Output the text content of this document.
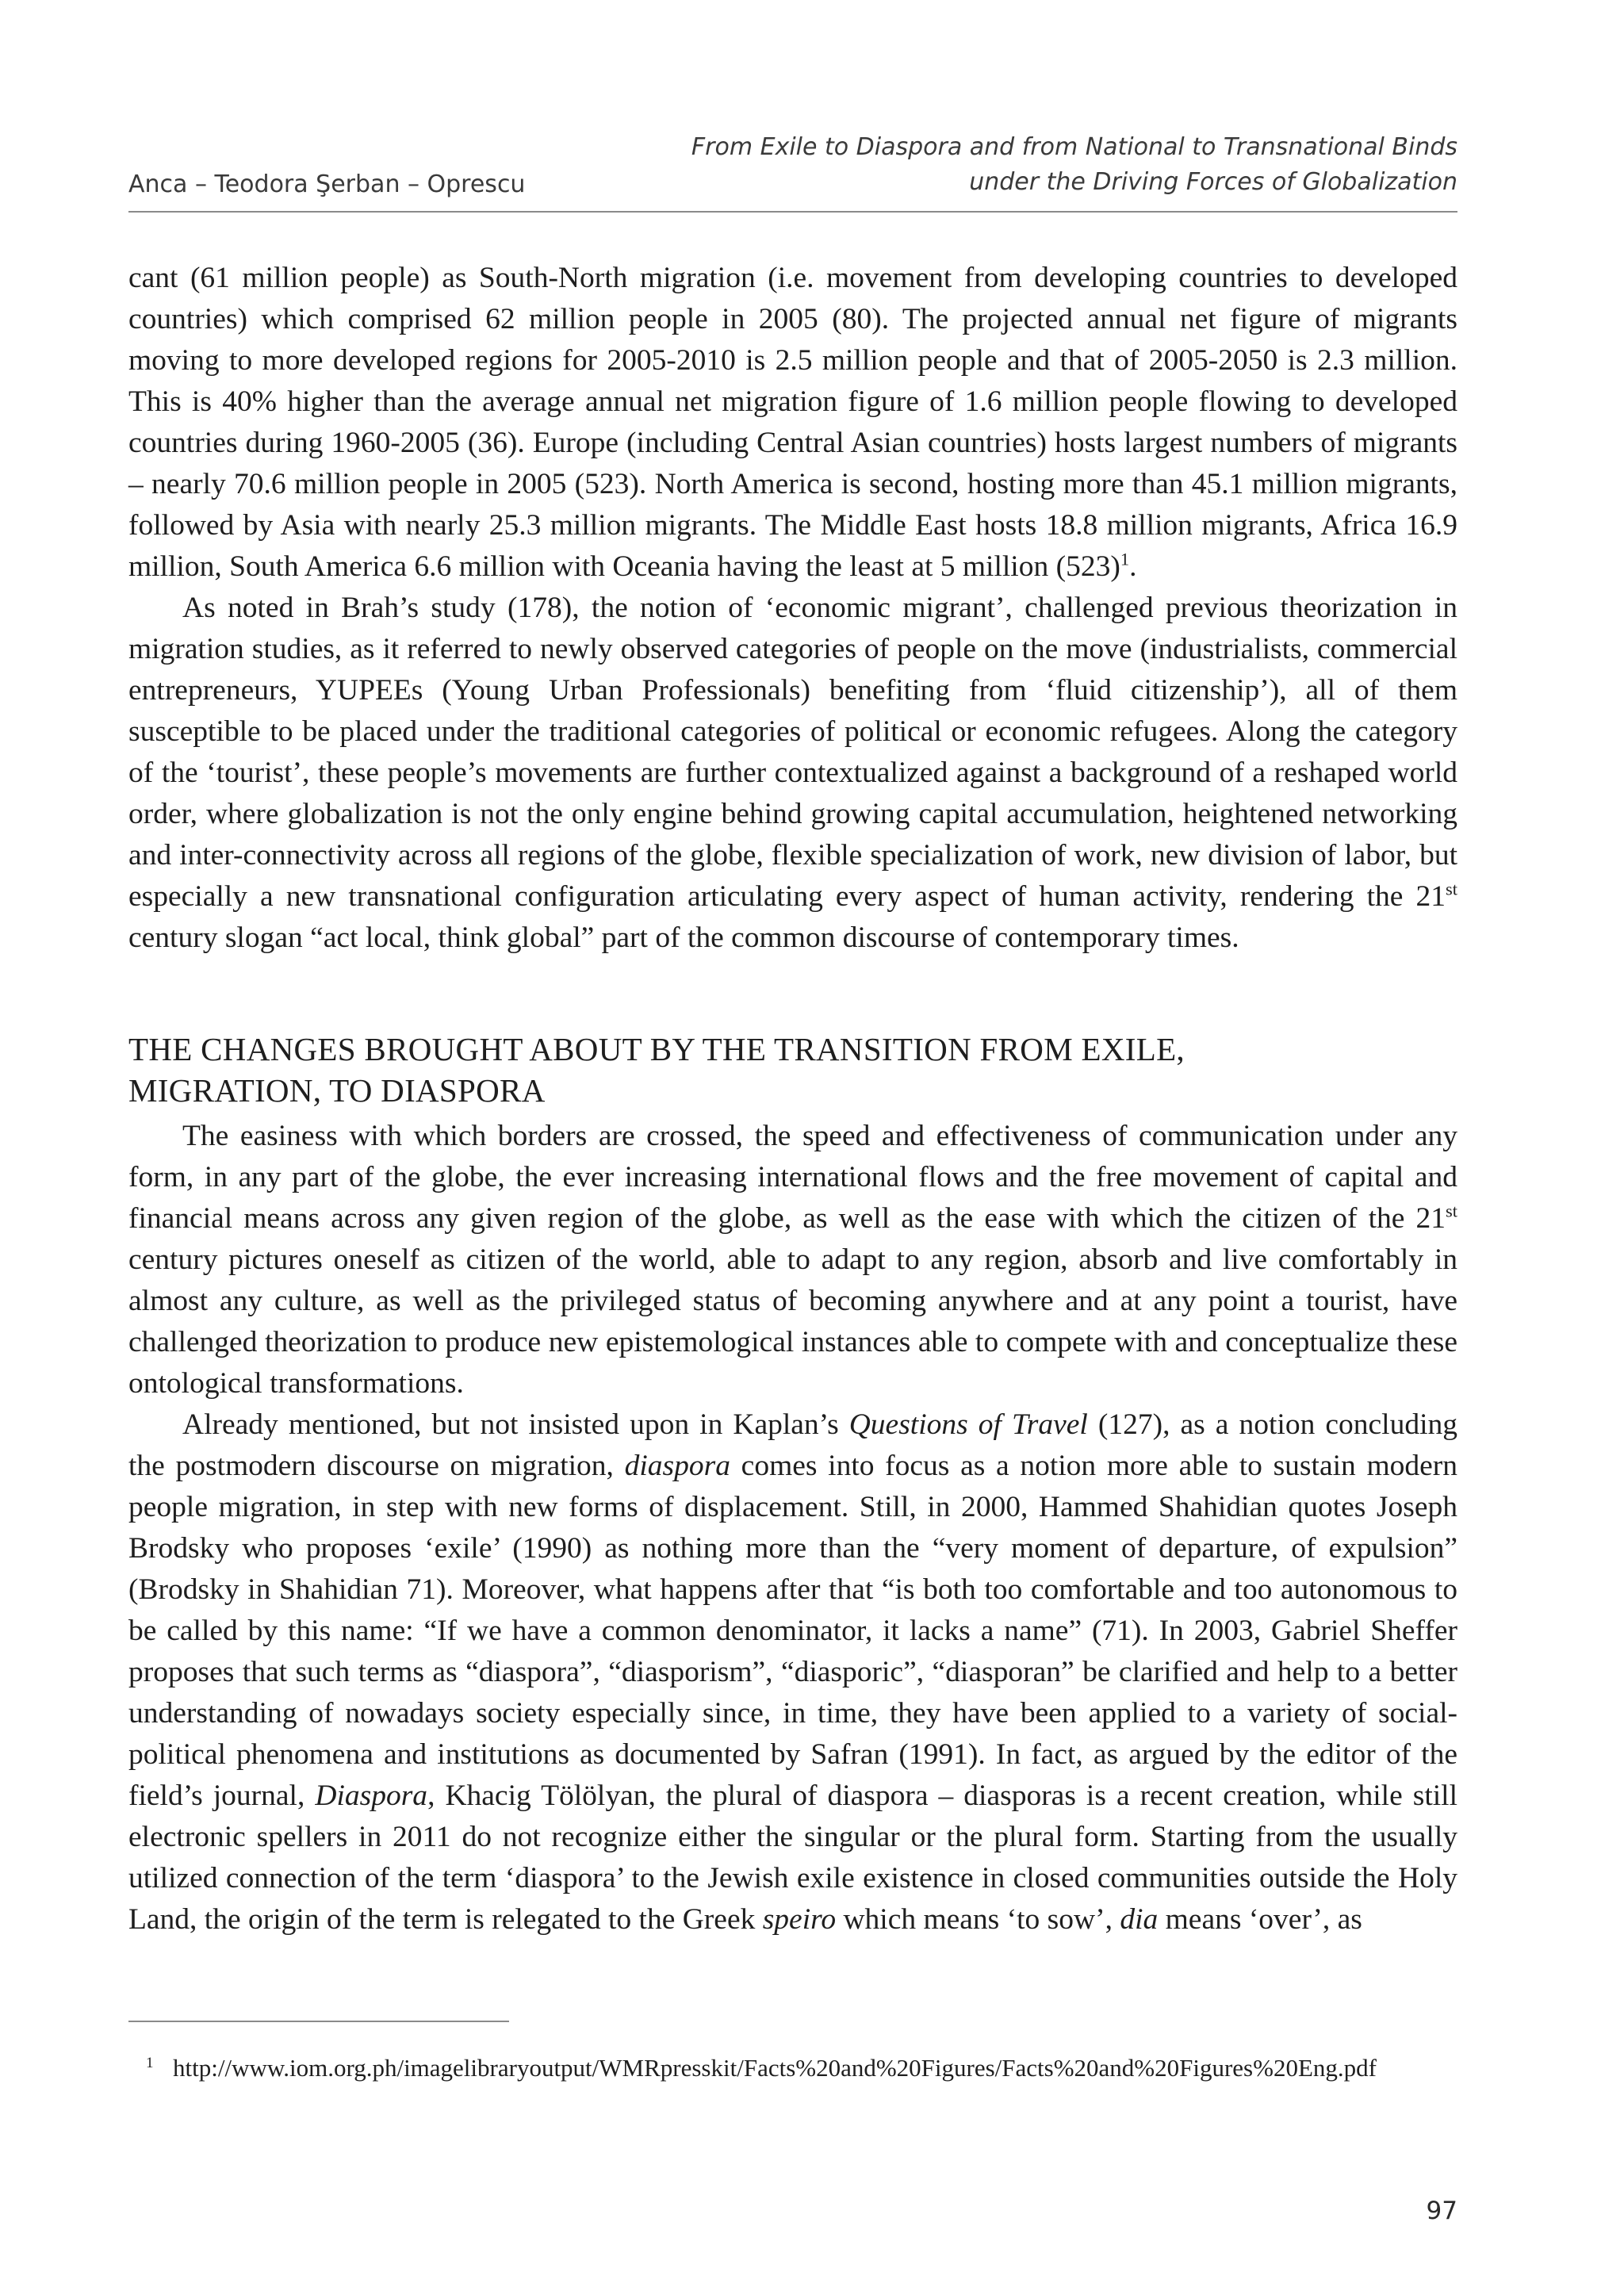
Anca – Teodora Şerban – Oprescu
From Exile to Diaspora and from National to Transnational Binds
under the Driving Forces of Globalization

cant (61 million people) as South-North migration (i.e. movement from developing countries to developed countries) which comprised 62 million people in 2005 (80). The projected annual net figure of migrants moving to more developed regions for 2005-2010 is 2.5 million people and that of 2005-2050 is 2.3 million. This is 40% higher than the average annual net migration figure of 1.6 million people flowing to developed countries during 1960-2005 (36). Europe (including Central Asian countries) hosts largest numbers of migrants – nearly 70.6 million people in 2005 (523). North America is second, hosting more than 45.1 million migrants, followed by Asia with nearly 25.3 million migrants. The Middle East hosts 18.8 million migrants, Africa 16.9 million, South America 6.6 million with Oceania having the least at 5 million $(523)^1$.

As noted in Brah’s study (178), the notion of ‘economic migrant’, challenged previous theorization in migration studies, as it referred to newly observed categories of people on the move (industrialists, commercial entrepreneurs, YUPEEs (Young Urban Professionals) benefiting from ‘fluid citizenship’), all of them susceptible to be placed under the traditional categories of political or economic refugees. Along the category of the ‘tourist’, these people’s movements are further contextualized against a background of a reshaped world order, where globalization is not the only engine behind growing capital accumulation, heightened networking and inter-connectivity across all regions of the globe, flexible specialization of work, new division of labor, but especially a new transnational configuration articulating every aspect of human activity, rendering the 21st century slogan “act local, think global” part of the common discourse of contemporary times.

THE CHANGES BROUGHT ABOUT BY THE TRANSITION FROM EXILE,
MIGRATION, TO DIASPORA

The easiness with which borders are crossed, the speed and effectiveness of communication under any form, in any part of the globe, the ever increasing international flows and the free movement of capital and financial means across any given region of the globe, as well as the ease with which the citizen of the 21st century pictures oneself as citizen of the world, able to adapt to any region, absorb and live comfortably in almost any culture, as well as the privileged status of becoming anywhere and at any point a tourist, have challenged theorization to produce new epistemological instances able to compete with and conceptualize these ontological transformations.

Already mentioned, but not insisted upon in Kaplan’s Questions of Travel (127), as a notion concluding the postmodern discourse on migration, diaspora comes into focus as a notion more able to sustain modern people migration, in step with new forms of displacement. Still, in 2000, Hammed Shahidian quotes Joseph Brodsky who proposes ‘exile’ (1990) as nothing more than the “very moment of departure, of expulsion” (Brodsky in Shahidian 71). Moreover, what happens after that “is both too comfortable and too autonomous to be called by this name: “If we have a common denominator, it lacks a name” (71). In 2003, Gabriel Sheffer proposes that such terms as “diaspora”, “diasporism”, “diasporic”, “diasporan” be clarified and help to a better understanding of nowadays society especially since, in time, they have been applied to a variety of social-political phenomena and institutions as documented by Safran (1991). In fact, as argued by the editor of the field’s journal, Diaspora, Khacig Tölölyan, the plural of diaspora – diasporas is a recent creation, while still electronic spellers in 2011 do not recognize either the singular or the plural form. Starting from the usually utilized connection of the term ‘diaspora’ to the Jewish exile existence in closed communities outside the Holy Land, the origin of the term is relegated to the Greek speiro which means ‘to sow’, dia means ‘over’, as

1 http://www.iom.org.ph/imagelibraryoutput/WMRpresskit/Facts%20and%20Figures/Facts%20and%20Figures%20Eng.pdf
97
